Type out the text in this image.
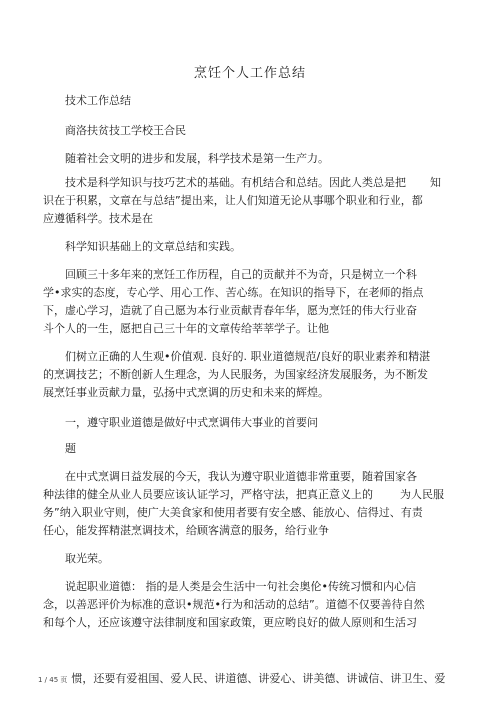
烹饪个人工作总结
技术工作总结
商洛扶贫技工学校王合民
随着社会文明的进步和发展，科学技术是第一生产力。
技术是科学知识与技巧艺术的基础。有机结合和总结。因此人类总是把 知
识在于积累，文章在与总结”提出来，让人们知道无论从事哪个职业和行业，都
应遵循科学。技术是在
科学知识基础上的文章总结和实践。
回顾三十多年来的烹饪工作历程，自己的贡献并不为奇，只是树立一个科
学•求实的态度，专心学、用心工作、苦心练。在知识的指导下，在老师的指点
下，虚心学习，造就了自己愿为本行业贡献青春年华，愿为烹饪的伟大行业奋
斗个人的一生，愿把自己三十年的文章传给莘莘学子。让他
们树立正确的人生观•价值观. 良好的. 职业道德规范/良好的职业素养和精湛
的烹调技艺；不断创新人生理念，为人民服务，为国家经济发展服务，为不断发
展烹饪事业贡献力量，弘扬中式烹调的历史和未来的辉煌。
一，遵守职业道德是做好中式烹调伟大事业的首要问
题
在中式烹调日益发展的今天，我认为遵守职业道德非常重要，随着国家各
种法律的健全从业人员要应该认证学习，严格守法，把真正意义上的 为人民服
务”纳入职业守则，使广大美食家和使用者要有安全感、能放心、信得过、有责
任心，能发挥精湛烹调技术，给顾客满意的服务，给行业争
取光荣。
说起职业道德： 指的是人类是会生活中一句社会奥伦•传统习惯和内心信
念，以善恶评价为标准的意识•规范•行为和活动的总结”。道德不仅要善待自然
和每个人，还应该遵守法律制度和国家政策，更应哟良好的做人原则和生活习
1 / 45 页 惯，还要有爱祖国、爱人民、讲道德、讲爱心、讲美德、讲诚信、讲卫生、爱
